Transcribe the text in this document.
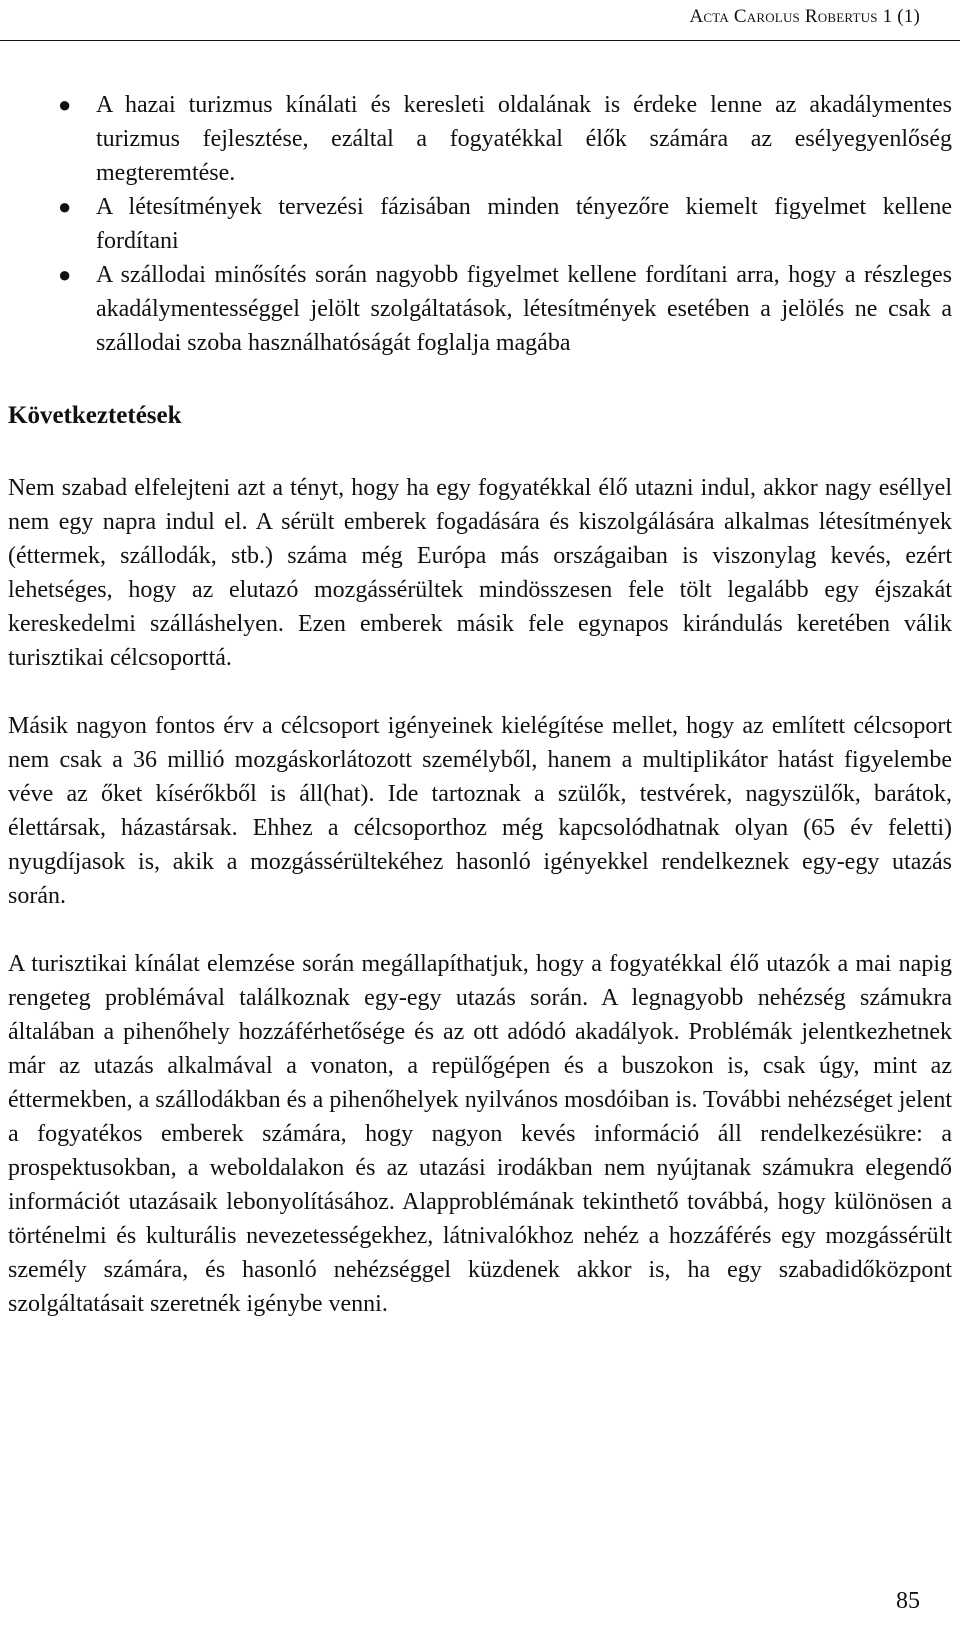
Acta Carolus Robertus 1 (1)
● A hazai turizmus kínálati és keresleti oldalának is érdeke lenne az akadálymentes turizmus fejlesztése, ezáltal a fogyatékkal élők számára az esélyegyenlőség megteremtése.
● A létesítmények tervezési fázisában minden tényezőre kiemelt figyelmet kellene fordítani
● A szállodai minősítés során nagyobb figyelmet kellene fordítani arra, hogy a részleges akadálymentességgel jelölt szolgáltatások, létesítmények esetében a jelölés ne csak a szállodai szoba használhatóságát foglalja magába
Következtetések

Nem szabad elfelejteni azt a tényt, hogy ha egy fogyatékkal élő utazni indul, akkor nagy eséllyel nem egy napra indul el. A sérült emberek fogadására és kiszolgálására alkalmas létesítmények (éttermek, szállodák, stb.) száma még Európa más országaiban is viszonylag kevés, ezért lehetséges, hogy az elutazó mozgássérültek mindösszesen fele tölt legalább egy éjszakát kereskedelmi szálláshelyen. Ezen emberek másik fele egynapos kirándulás keretében válik turisztikai célcsoporttá.

Másik nagyon fontos érv a célcsoport igényeinek kielégítése mellet, hogy az említett célcsoport nem csak a 36 millió mozgáskorlátozott személyből, hanem a multiplikátor hatást figyelembe véve az őket kísérőkből is áll(hat). Ide tartoznak a szülők, testvérek, nagyszülők, barátok, élettársak, házastársak. Ehhez a célcsoporthoz még kapcsolódhatnak olyan (65 év feletti) nyugdíjasok is, akik a mozgássérültekéhez hasonló igényekkel rendelkeznek egy-egy utazás során.

A turisztikai kínálat elemzése során megállapíthatjuk, hogy a fogyatékkal élő utazók a mai napig rengeteg problémával találkoznak egy-egy utazás során. A legnagyobb nehézség számukra általában a pihenőhely hozzáférhetősége és az ott adódó akadályok. Problémák jelentkezhetnek már az utazás alkalmával a vonaton, a repülőgépen és a buszokon is, csak úgy, mint az éttermekben, a szállodákban és a pihenőhelyek nyilvános mosdóiban is. További nehézséget jelent a fogyatékos emberek számára, hogy nagyon kevés információ áll rendelkezésükre: a prospektusokban, a weboldalakon és az utazási irodákban nem nyújtanak számukra elegendő információt utazásaik lebonyolításához. Alapproblémának tekinthető továbbá, hogy különösen a történelmi és kulturális nevezetességekhez, látnivalókhoz nehéz a hozzáférés egy mozgássérült személy számára, és hasonló nehézséggel küzdenek akkor is, ha egy szabadidőközpont szolgáltatásait szeretnék igénybe venni.

85
